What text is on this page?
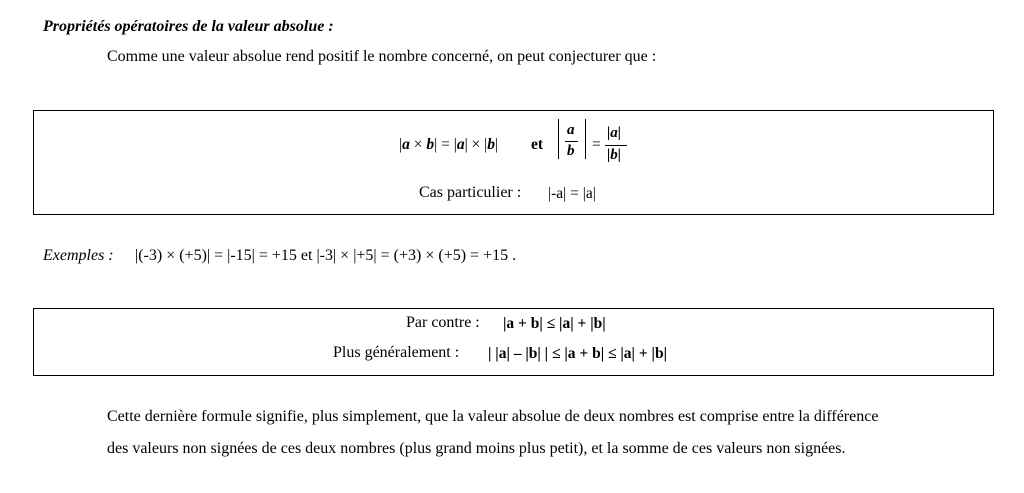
Propriétés opératoires de la valeur absolue :
Comme une valeur absolue rend positif le nombre concerné, on peut conjecturer que :
|a × b| = |a| × |b| et
a
b =
|a|
|b|
Cas particulier : |-a| = |a|
Exemples : |(-3) × (+5)| = |-15| = +15 et |-3| × |+5| = (+3) × (+5) = +15 .
Par contre : |a + b| ≤ |a| + |b|
Plus généralement : | |a| – |b| | ≤ |a + b| ≤ |a| + |b|
Cette dernière formule signifie, plus simplement, que la valeur absolue de deux nombres est comprise entre la différence
des valeurs non signées de ces deux nombres (plus grand moins plus petit), et la somme de ces valeurs non signées.
